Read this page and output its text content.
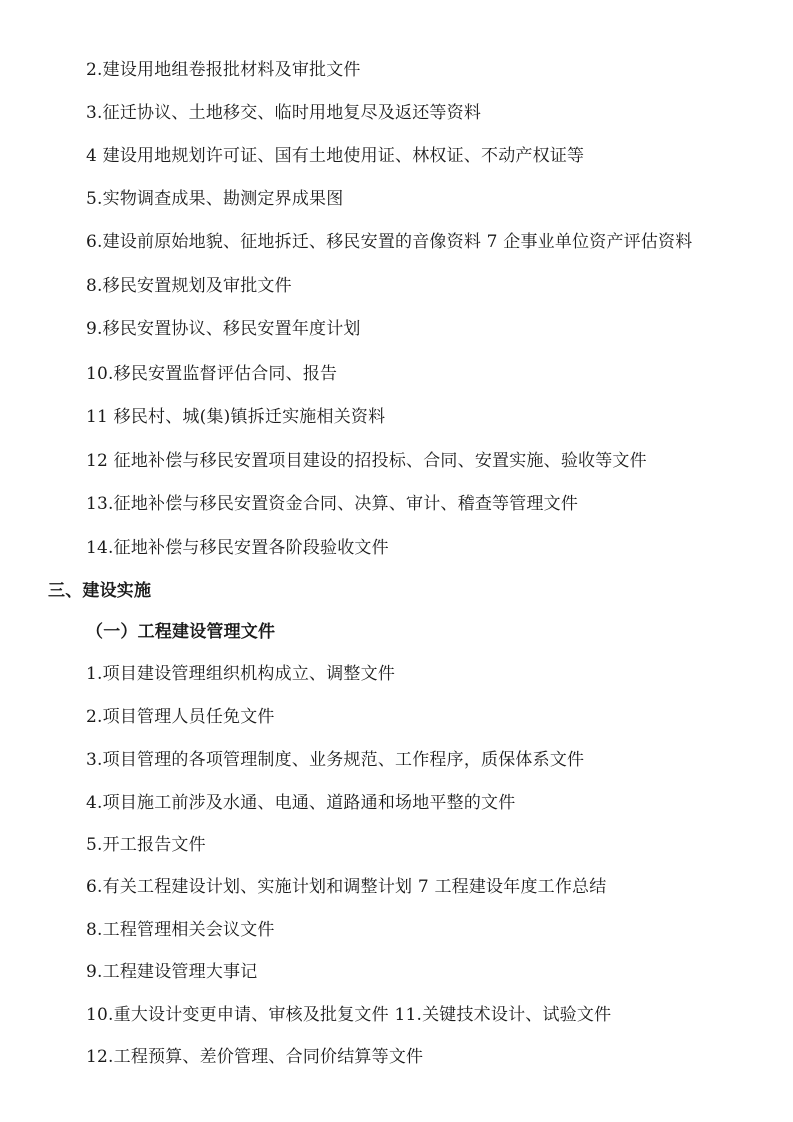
2.建设用地组卷报批材料及审批文件
3.征迁协议、土地移交、临时用地复尽及返还等资料
4 建设用地规划许可证、国有土地使用证、林权证、不动产权证等
5.实物调查成果、勘测定界成果图
6.建设前原始地貌、征地拆迁、移民安置的音像资料 7 企事业单位资产评估资料
8.移民安置规划及审批文件
9.移民安置协议、移民安置年度计划
10.移民安置监督评估合同、报告
11 移民村、城(集)镇拆迁实施相关资料
12 征地补偿与移民安置项目建设的招投标、合同、安置实施、验收等文件
13.征地补偿与移民安置资金合同、决算、审计、稽查等管理文件
14.征地补偿与移民安置各阶段验收文件
三、建设实施
（一）工程建设管理文件
1.项目建设管理组织机构成立、调整文件
2.项目管理人员任免文件
3.项目管理的各项管理制度、业务规范、工作程序，质保体系文件
4.项目施工前涉及水通、电通、道路通和场地平整的文件
5.开工报告文件
6.有关工程建设计划、实施计划和调整计划 7 工程建设年度工作总结
8.工程管理相关会议文件
9.工程建设管理大事记
10.重大设计变更申请、审核及批复文件 11.关键技术设计、试验文件
12.工程预算、差价管理、合同价结算等文件
